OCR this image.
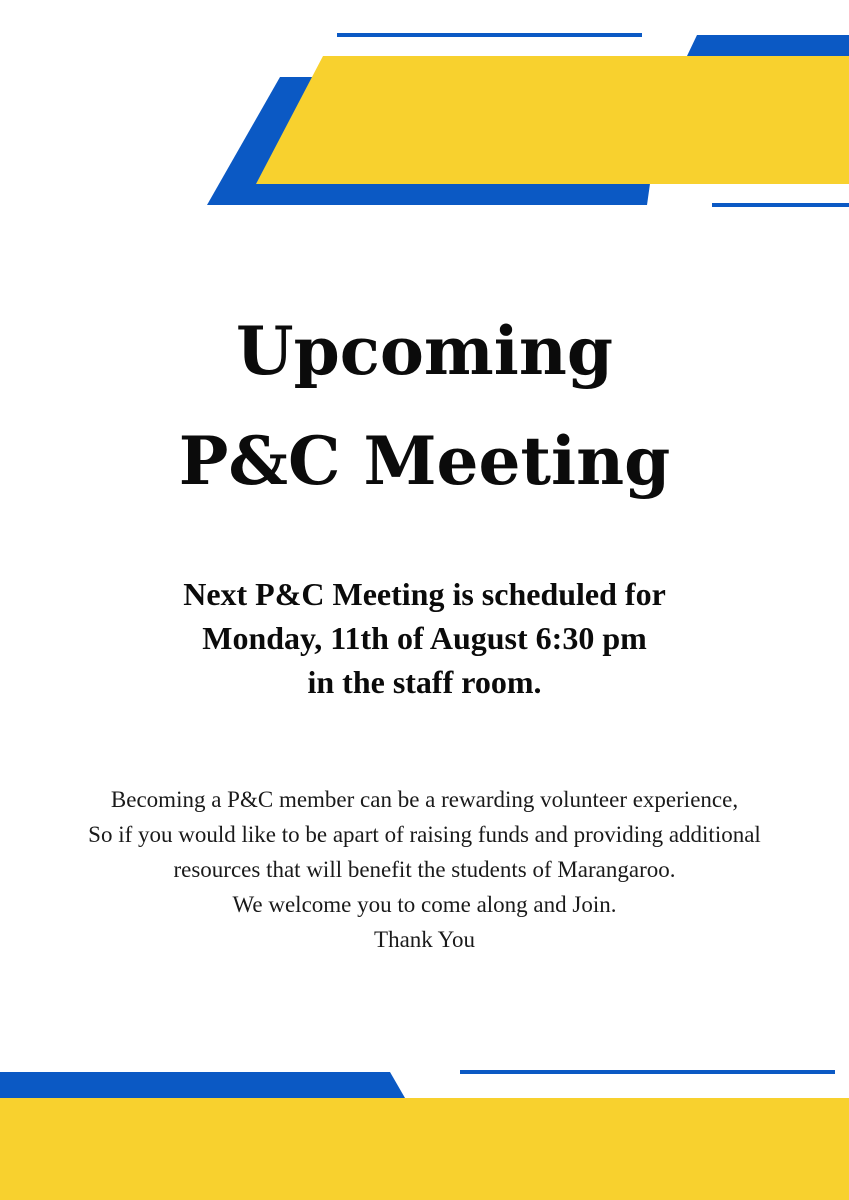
Upcoming
P&C Meeting
Next P&C Meeting is scheduled for
Monday, 11th of August 6:30 pm
in the staff room.
Becoming a P&C member can be a rewarding volunteer experience,
So if you would like to be apart of raising funds and providing additional
resources that will benefit the students of Marangaroo.
We welcome you to come along and Join.
Thank You
